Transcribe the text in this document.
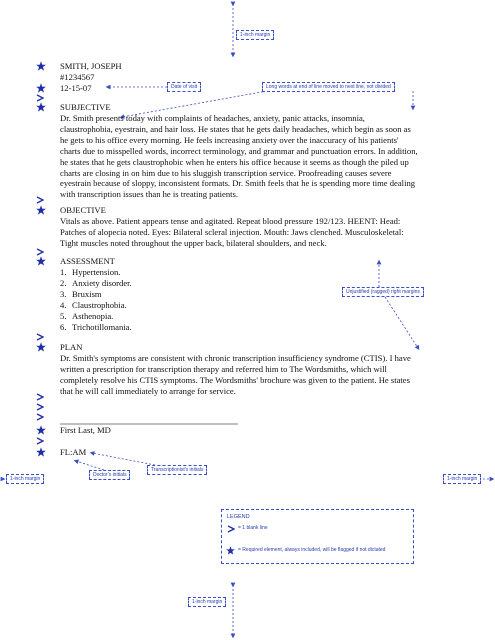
1-inch margin
Date of visit	Long words at end of line moved to next line, not divided
Unjustified (ragged) right margins
Doctor's initials
Transcriptionist's initials
1-inch margin	1-inch margin
1-inch margin
SMITH, JOSEPH
#1234567
12-15-07
SUBJECTIVE
Dr. Smith presents today with complaints of headaches, anxiety, panic attacks, insomnia,
claustrophobia, eyestrain, and hair loss. He states that he gets daily headaches, which begin as soon as
he gets to his office every morning. He feels increasing anxiety over the inaccuracy of his patients'
charts due to misspelled words, incorrect terminology, and grammar and punctuation errors. In addition,
he states that he gets claustrophobic when he enters his office because it seems as though the piled up
charts are closing in on him due to his sluggish transcription service. Proofreading causes severe
eyestrain because of sloppy, inconsistent formats. Dr. Smith feels that he is spending more time dealing
with transcription issues than he is treating patients.
OBJECTIVE
Vitals as above. Patient appears tense and agitated. Repeat blood pressure 192/123. HEENT: Head:
Patches of alopecia noted. Eyes: Bilateral scleral injection. Mouth: Jaws clenched. Musculoskeletal:
Tight muscles noted throughout the upper back, bilateral shoulders, and neck.
ASSESSMENT
1. Hypertension.
2. Anxiety disorder.
3. Bruxism
4. Claustrophobia.
5. Asthenopia.
6. Trichotillomania.
PLAN
Dr. Smith's symptoms are consistent with chronic transcription insufficiency syndrome (CTIS). I have
written a prescription for transcription therapy and referred him to The Wordsmiths, which will
completely resolve his CTIS symptoms. The Wordsmiths' brochure was given to the patient. He states
that he will call immediately to arrange for service.
First Last, MD
FL:AM
LEGEND
= 1 blank line
= Required element, always included, will be flagged if not dictated
